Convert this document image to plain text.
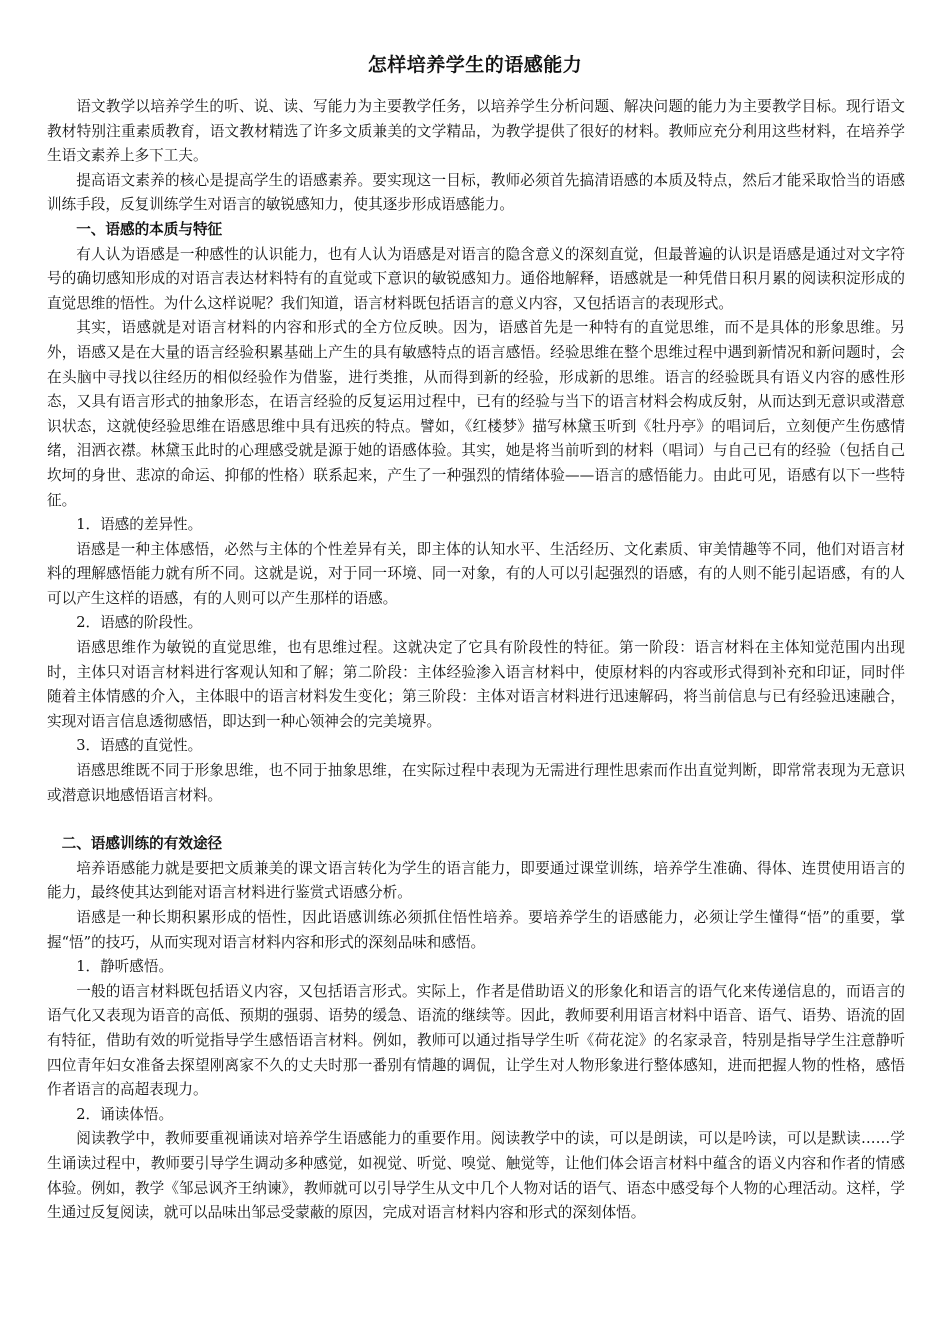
怎样培养学生的语感能力

语文教学以培养学生的听、说、读、写能力为主要教学任务，以培养学生分析问题、解决问题的能力为主要教学目标。现行语文教材特别注重素质教育，语文教材精选了许多文质兼美的文学精品，为教学提供了很好的材料。教师应充分利用这些材料，在培养学生语文素养上多下工夫。

提高语文素养的核心是提高学生的语感素养。要实现这一目标，教师必须首先搞清语感的本质及特点，然后才能采取恰当的语感训练手段，反复训练学生对语言的敏锐感知力，使其逐步形成语感能力。

一、语感的本质与特征

有人认为语感是一种感性的认识能力，也有人认为语感是对语言的隐含意义的深刻直觉，但最普遍的认识是语感是通过对文字符号的确切感知形成的对语言表达材料特有的直觉或下意识的敏锐感知力。通俗地解释，语感就是一种凭借日积月累的阅读积淀形成的直觉思维的悟性。为什么这样说呢？我们知道，语言材料既包括语言的意义内容，又包括语言的表现形式。

其实，语感就是对语言材料的内容和形式的全方位反映。因为，语感首先是一种特有的直觉思维，而不是具体的形象思维。另外，语感又是在大量的语言经验积累基础上产生的具有敏感特点的语言感悟。经验思维在整个思维过程中遇到新情况和新问题时，会在头脑中寻找以往经历的相似经验作为借鉴，进行类推，从而得到新的经验，形成新的思维。语言的经验既具有语义内容的感性形态，又具有语言形式的抽象形态，在语言经验的反复运用过程中，已有的经验与当下的语言材料会构成反射，从而达到无意识或潜意识状态，这就使经验思维在语感思维中具有迅疾的特点。譬如，《红楼梦》描写林黛玉听到《牡丹亭》的唱词后，立刻便产生伤感情绪，泪洒衣襟。林黛玉此时的心理感受就是源于她的语感体验。其实，她是将当前听到的材料（唱词）与自己已有的经验（包括自己坎坷的身世、悲凉的命运、抑郁的性格）联系起来，产生了一种强烈的情绪体验——语言的感悟能力。由此可见，语感有以下一些特征。

1．语感的差异性。

语感是一种主体感悟，必然与主体的个性差异有关，即主体的认知水平、生活经历、文化素质、审美情趣等不同，他们对语言材料的理解感悟能力就有所不同。这就是说，对于同一环境、同一对象，有的人可以引起强烈的语感，有的人则不能引起语感，有的人可以产生这样的语感，有的人则可以产生那样的语感。

2．语感的阶段性。

语感思维作为敏锐的直觉思维，也有思维过程。这就决定了它具有阶段性的特征。第一阶段：语言材料在主体知觉范围内出现时，主体只对语言材料进行客观认知和了解；第二阶段：主体经验渗入语言材料中，使原材料的内容或形式得到补充和印证，同时伴随着主体情感的介入，主体眼中的语言材料发生变化；第三阶段：主体对语言材料进行迅速解码，将当前信息与已有经验迅速融合，实现对语言信息透彻感悟，即达到一种心领神会的完美境界。

3．语感的直觉性。

语感思维既不同于形象思维，也不同于抽象思维，在实际过程中表现为无需进行理性思索而作出直觉判断，即常常表现为无意识或潜意识地感悟语言材料。

二、语感训练的有效途径

培养语感能力就是要把文质兼美的课文语言转化为学生的语言能力，即要通过课堂训练，培养学生准确、得体、连贯使用语言的能力，最终使其达到能对语言材料进行鉴赏式语感分析。

语感是一种长期积累形成的悟性，因此语感训练必须抓住悟性培养。要培养学生的语感能力，必须让学生懂得“悟”的重要，掌握“悟”的技巧，从而实现对语言材料内容和形式的深刻品味和感悟。

1．静听感悟。

一般的语言材料既包括语义内容，又包括语言形式。实际上，作者是借助语义的形象化和语言的语气化来传递信息的，而语言的语气化又表现为语音的高低、预期的强弱、语势的缓急、语流的继续等。因此，教师要利用语言材料中语音、语气、语势、语流的固有特征，借助有效的听觉指导学生感悟语言材料。例如，教师可以通过指导学生听《荷花淀》的名家录音，特别是指导学生注意静听四位青年妇女准备去探望刚离家不久的丈夫时那一番别有情趣的调侃，让学生对人物形象进行整体感知，进而把握人物的性格，感悟作者语言的高超表现力。

2．诵读体悟。

阅读教学中，教师要重视诵读对培养学生语感能力的重要作用。阅读教学中的读，可以是朗读，可以是吟读，可以是默读……学生诵读过程中，教师要引导学生调动多种感觉，如视觉、听觉、嗅觉、触觉等，让他们体会语言材料中蕴含的语义内容和作者的情感体验。例如，教学《邹忌讽齐王纳谏》，教师就可以引导学生从文中几个人物对话的语气、语态中感受每个人物的心理活动。这样，学生通过反复阅读，就可以品味出邹忌受蒙蔽的原因，完成对语言材料内容和形式的深刻体悟。
